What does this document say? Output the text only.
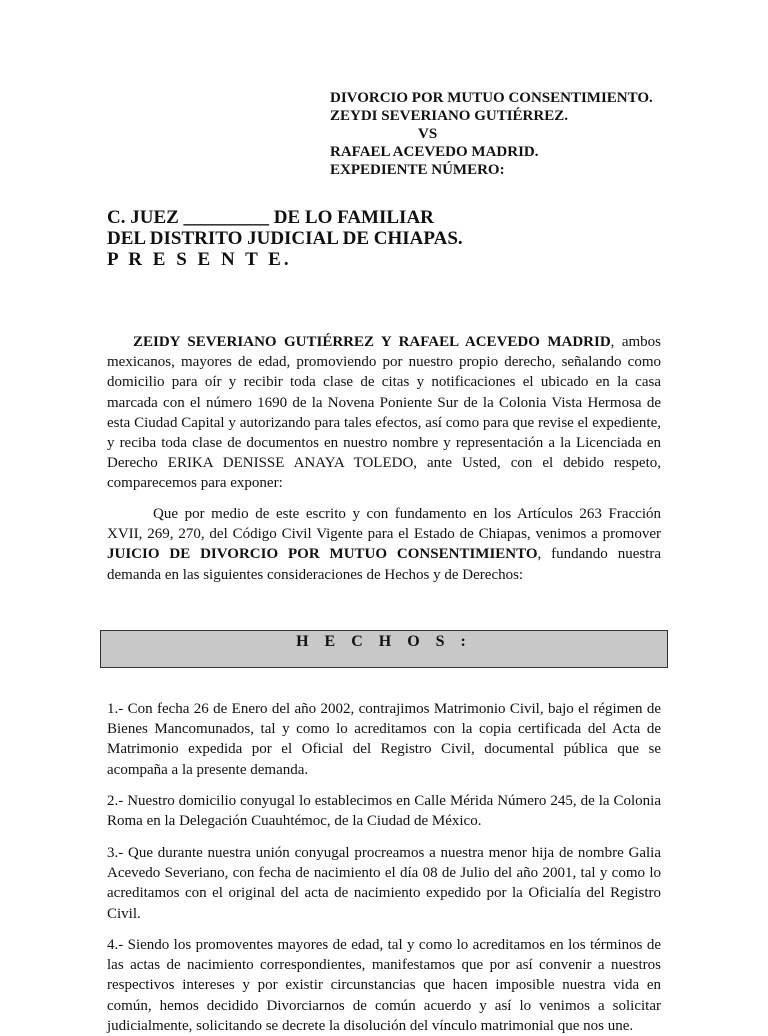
DIVORCIO POR MUTUO CONSENTIMIENTO.
ZEYDI SEVERIANO GUTIÉRREZ.
VS
RAFAEL ACEVEDO MADRID.
EXPEDIENTE NÚMERO:
C. JUEZ _________ DE LO FAMILIAR
DEL DISTRITO JUDICIAL DE CHIAPAS.
P R E S E N T E.

ZEIDY SEVERIANO GUTIÉRREZ Y RAFAEL ACEVEDO MADRID, ambos mexicanos, mayores de edad, promoviendo por nuestro propio derecho, señalando como domicilio para oír y recibir toda clase de citas y notificaciones el ubicado en la casa marcada con el número 1690 de la Novena Poniente Sur de la Colonia Vista Hermosa de esta Ciudad Capital y autorizando para tales efectos, así como para que revise el expediente, y reciba toda clase de documentos en nuestro nombre y representación a la Licenciada en Derecho ERIKA DENISSE ANAYA TOLEDO, ante Usted, con el debido respeto, comparecemos para exponer:

Que por medio de este escrito y con fundamento en los Artículos 263 Fracción XVII, 269, 270, del Código Civil Vigente para el Estado de Chiapas, venimos a promover JUICIO DE DIVORCIO POR MUTUO CONSENTIMIENTO, fundando nuestra demanda en las siguientes consideraciones de Hechos y de Derechos:

H E C H O S :

1.- Con fecha 26 de Enero del año 2002, contrajimos Matrimonio Civil, bajo el régimen de Bienes Mancomunados, tal y como lo acreditamos con la copia certificada del Acta de Matrimonio expedida por el Oficial del Registro Civil, documental pública que se acompaña a la presente demanda.

2.- Nuestro domicilio conyugal lo establecimos en Calle Mérida Número 245, de la Colonia Roma en la Delegación Cuauhtémoc, de la Ciudad de México.

3.- Que durante nuestra unión conyugal procreamos a nuestra menor hija de nombre Galia Acevedo Severiano, con fecha de nacimiento el día 08 de Julio del año 2001, tal y como lo acreditamos con el original del acta de nacimiento expedido por la Oficialía del Registro Civil.

4.- Siendo los promoventes mayores de edad, tal y como lo acreditamos en los términos de las actas de nacimiento correspondientes, manifestamos que por así convenir a nuestros respectivos intereses y por existir circunstancias que hacen imposible nuestra vida en común, hemos decidido Divorciarnos de común acuerdo y así lo venimos a solicitar judicialmente, solicitando se decrete la disolución del vínculo matrimonial que nos une.
